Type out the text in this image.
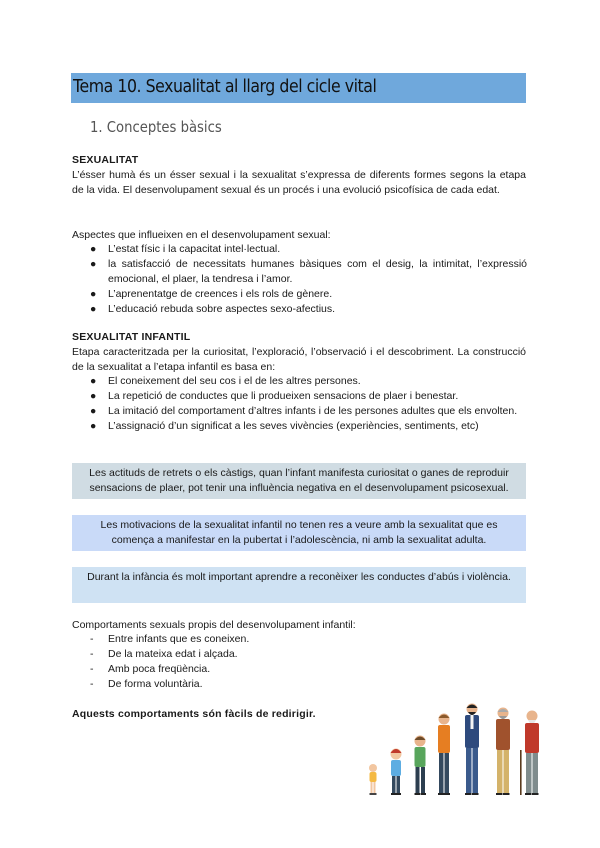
Tema 10. Sexualitat al llarg del cicle vital
1. Conceptes bàsics
SEXUALITAT

L’ésser humà és un ésser sexual i la sexualitat s’expressa de diferents formes segons la etapa de la vida. El desenvolupament sexual és un procés i una evolució psicofísica de cada edat.

Aspectes que influeixen en el desenvolupament sexual:

● L’estat físic i la capacitat intel·lectual.
● la satisfacció de necessitats humanes bàsiques com el desig, la intimitat, l’expressió emocional, el plaer, la tendresa i l’amor.
● L’aprenentatge de creences i els rols de gènere.
● L’educació rebuda sobre aspectes sexo-afectius.
SEXUALITAT INFANTIL

Etapa caracteritzada per la curiositat, l’exploració, l’observació i el descobriment. La construcció de la sexualitat a l’etapa infantil es basa en:

● El coneixement del seu cos i el de les altres persones.
● La repetició de conductes que li produeixen sensacions de plaer i benestar.
● La imitació del comportament d’altres infants i de les persones adultes que els envolten.
● L’assignació d’un significat a les seves vivències (experiències, sentiments, etc)
Les actituds de retrets o els càstigs, quan l’infant manifesta curiositat o ganes de reproduir sensacions de plaer, pot tenir una influència negativa en el desenvolupament psicosexual.
Les motivacions de la sexualitat infantil no tenen res a veure amb la sexualitat que es comença a manifestar en la pubertat i l’adolescència, ni amb la sexualitat adulta.
Durant la infància és molt important aprendre a reconèixer les conductes d’abús i violència.

Comportaments sexuals propis del desenvolupament infantil:

- Entre infants que es coneixen.
- De la mateixa edat i alçada.
- Amb poca freqüència.
- De forma voluntària.
Aquests comportaments són fàcils de redirigir.
